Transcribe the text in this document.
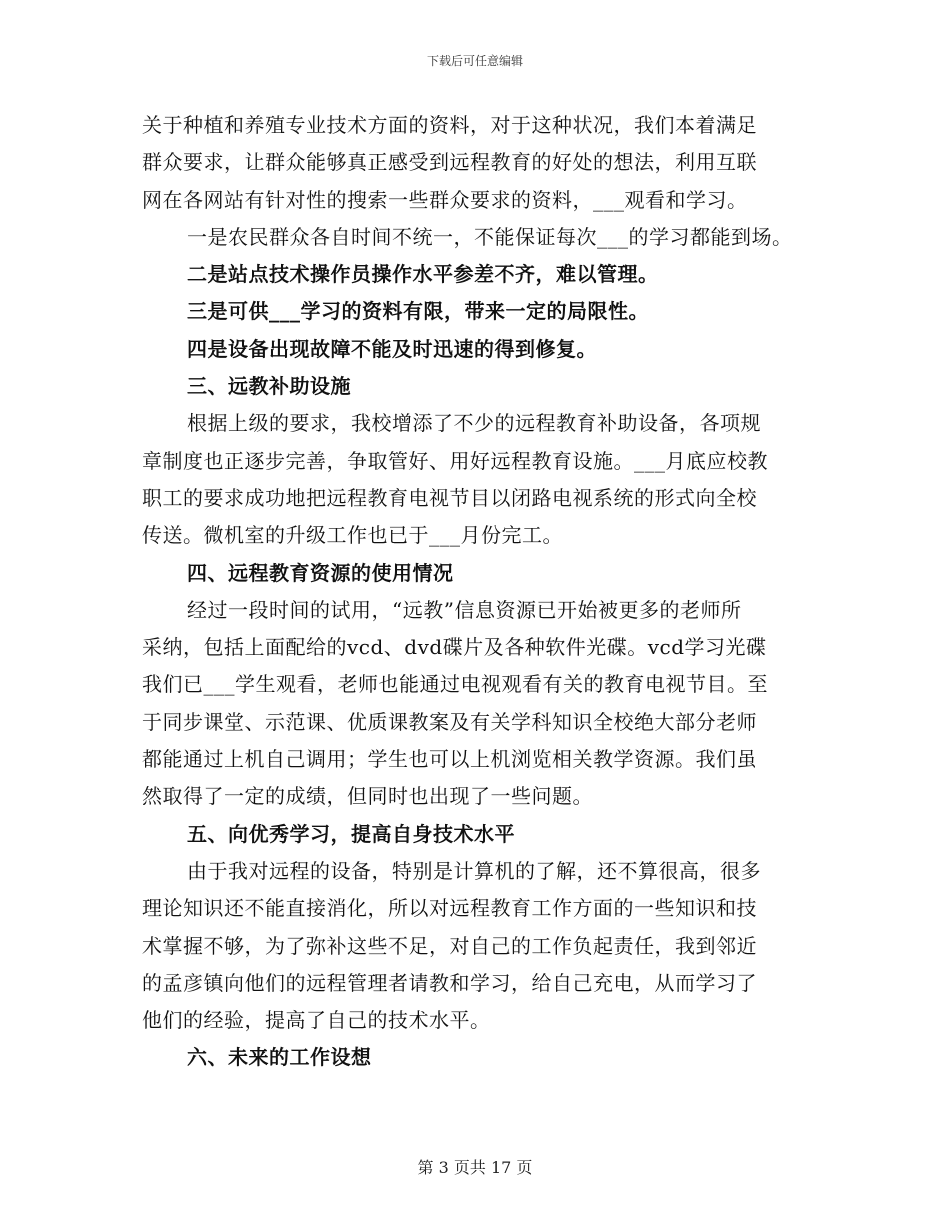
下载后可任意编辑
关于种植和养殖专业技术方面的资料，对于这种状况，我们本着满足
群众要求，让群众能够真正感受到远程教育的好处的想法，利用互联
网在各网站有针对性的搜索一些群众要求的资料，___观看和学习。
一是农民群众各自时间不统一，不能保证每次___的学习都能到场。
二是站点技术操作员操作水平参差不齐，难以管理。
三是可供___学习的资料有限，带来一定的局限性。
四是设备出现故障不能及时迅速的得到修复。
三、远教补助设施
根据上级的要求，我校增添了不少的远程教育补助设备，各项规
章制度也正逐步完善，争取管好、用好远程教育设施。___月底应校教
职工的要求成功地把远程教育电视节目以闭路电视系统的形式向全校
传送。微机室的升级工作也已于___月份完工。
四、远程教育资源的使用情况
经过一段时间的试用，“远教”信息资源已开始被更多的老师所
采纳，包括上面配给的vcd、dvd碟片及各种软件光碟。vcd学习光碟
我们已___学生观看，老师也能通过电视观看有关的教育电视节目。至
于同步课堂、示范课、优质课教案及有关学科知识全校绝大部分老师
都能通过上机自己调用；学生也可以上机浏览相关教学资源。我们虽
然取得了一定的成绩，但同时也出现了一些问题。
五、向优秀学习，提高自身技术水平
由于我对远程的设备，特别是计算机的了解，还不算很高，很多
理论知识还不能直接消化，所以对远程教育工作方面的一些知识和技
术掌握不够，为了弥补这些不足，对自己的工作负起责任，我到邻近
的孟彦镇向他们的远程管理者请教和学习，给自己充电，从而学习了
他们的经验，提高了自己的技术水平。
六、未来的工作设想
第 3 页共 17 页
